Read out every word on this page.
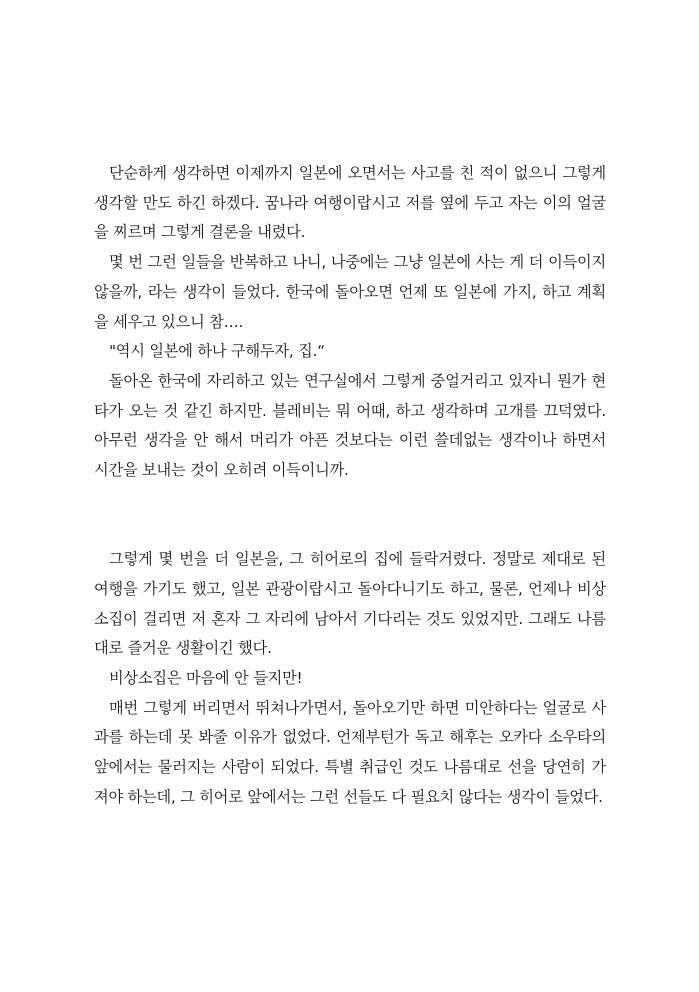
단순하게 생각하면 이제까지 일본에 오면서는 사고를 친 적이 없으니 그렇게 생각할 만도 하긴 하겠다. 꿈나라 여행이랍시고 저를 옆에 두고 자는 이의 얼굴을 찌르며 그렇게 결론을 내렸다.

몇 번 그런 일들을 반복하고 나니, 나중에는 그냥 일본에 사는 게 더 이득이지 않을까, 라는 생각이 들었다. 한국에 돌아오면 언제 또 일본에 가지, 하고 계획을 세우고 있으니 참….

"역시 일본에 하나 구해두자, 집.“

돌아온 한국에 자리하고 있는 연구실에서 그렇게 중얼거리고 있자니 뭔가 현타가 오는 것 같긴 하지만. 블레비는 뭐 어때, 하고 생각하며 고개를 끄덕였다. 아무런 생각을 안 해서 머리가 아픈 것보다는 이런 쓸데없는 생각이나 하면서 시간을 보내는 것이 오히려 이득이니까.

그렇게 몇 번을 더 일본을, 그 히어로의 집에 들락거렸다. 정말로 제대로 된 여행을 가기도 했고, 일본 관광이랍시고 돌아다니기도 하고, 물론, 언제나 비상소집이 걸리면 저 혼자 그 자리에 남아서 기다리는 것도 있었지만. 그래도 나름대로 즐거운 생활이긴 했다.

비상소집은 마음에 안 들지만!

매번 그렇게 버리면서 뛰쳐나가면서, 돌아오기만 하면 미안하다는 얼굴로 사과를 하는데 못 봐줄 이유가 없었다. 언제부턴가 독고 해후는 오카다 소우타의 앞에서는 물러지는 사람이 되었다. 특별 취급인 것도 나름대로 선을 당연히 가져야 하는데, 그 히어로 앞에서는 그런 선들도 다 필요치 않다는 생각이 들었다.
